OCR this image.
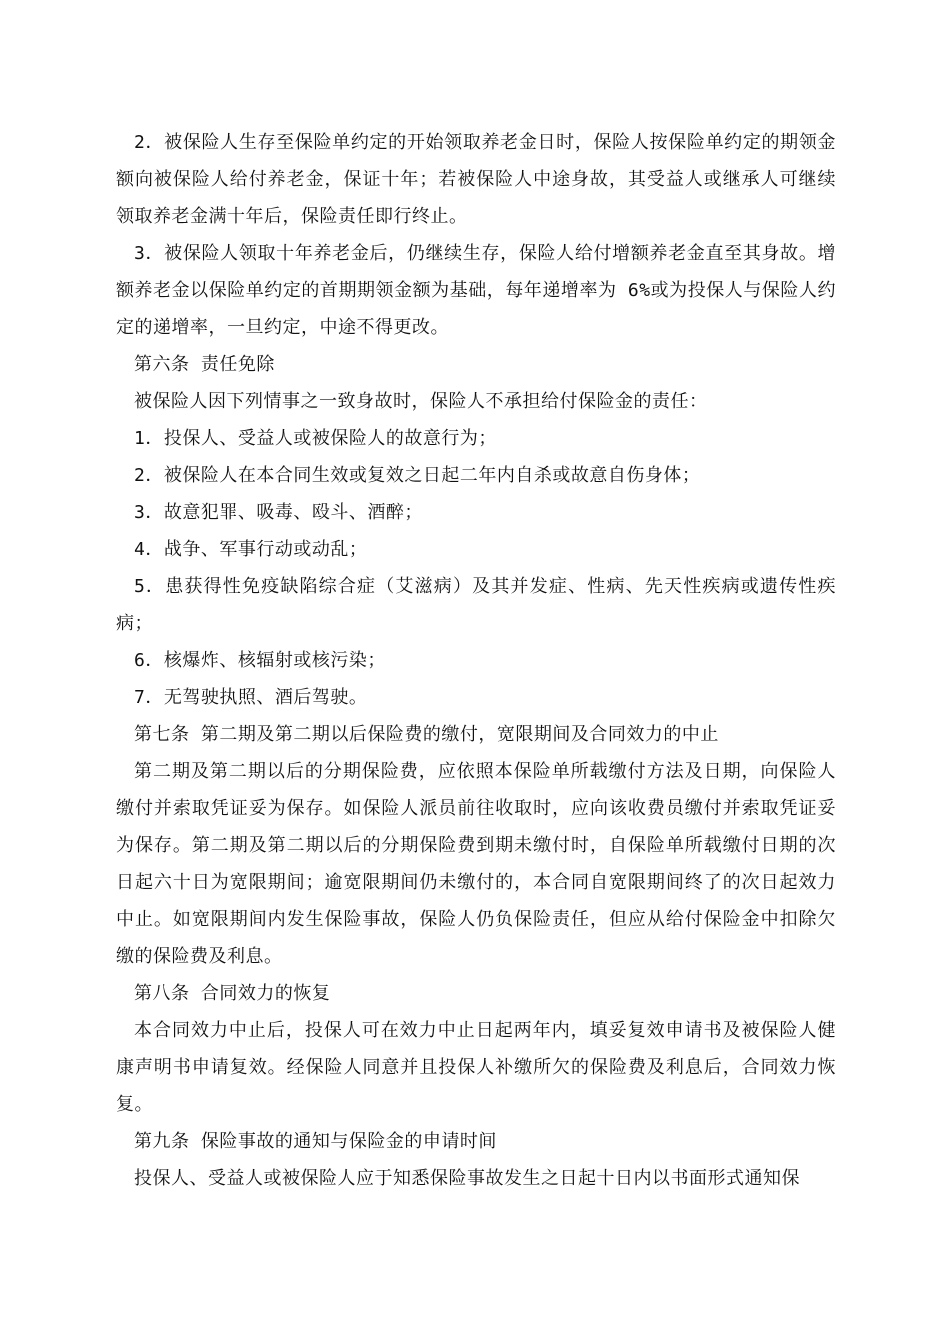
2．被保险人生存至保险单约定的开始领取养老金日时，保险人按保险单约定的期领金额向被保险人给付养老金，保证十年；若被保险人中途身故，其受益人或继承人可继续领取养老金满十年后，保险责任即行终止。

3．被保险人领取十年养老金后，仍继续生存，保险人给付增额养老金直至其身故。增额养老金以保险单约定的首期期领金额为基础，每年递增率为 6%或为投保人与保险人约定的递增率，一旦约定，中途不得更改。

第六条 责任免除

被保险人因下列情事之一致身故时，保险人不承担给付保险金的责任：

1．投保人、受益人或被保险人的故意行为；

2．被保险人在本合同生效或复效之日起二年内自杀或故意自伤身体；

3．故意犯罪、吸毒、殴斗、酒醉；

4．战争、军事行动或动乱；

5．患获得性免疫缺陷综合症（艾滋病）及其并发症、性病、先天性疾病或遗传性疾病；

6．核爆炸、核辐射或核污染；

7．无驾驶执照、酒后驾驶。

第七条 第二期及第二期以后保险费的缴付，宽限期间及合同效力的中止

第二期及第二期以后的分期保险费，应依照本保险单所载缴付方法及日期，向保险人缴付并索取凭证妥为保存。如保险人派员前往收取时，应向该收费员缴付并索取凭证妥为保存。第二期及第二期以后的分期保险费到期未缴付时，自保险单所载缴付日期的次日起六十日为宽限期间；逾宽限期间仍未缴付的，本合同自宽限期间终了的次日起效力中止。如宽限期间内发生保险事故，保险人仍负保险责任，但应从给付保险金中扣除欠缴的保险费及利息。

第八条 合同效力的恢复

本合同效力中止后，投保人可在效力中止日起两年内，填妥复效申请书及被保险人健康声明书申请复效。经保险人同意并且投保人补缴所欠的保险费及利息后，合同效力恢复。

第九条 保险事故的通知与保险金的申请时间

投保人、受益人或被保险人应于知悉保险事故发生之日起十日内以书面形式通知保
